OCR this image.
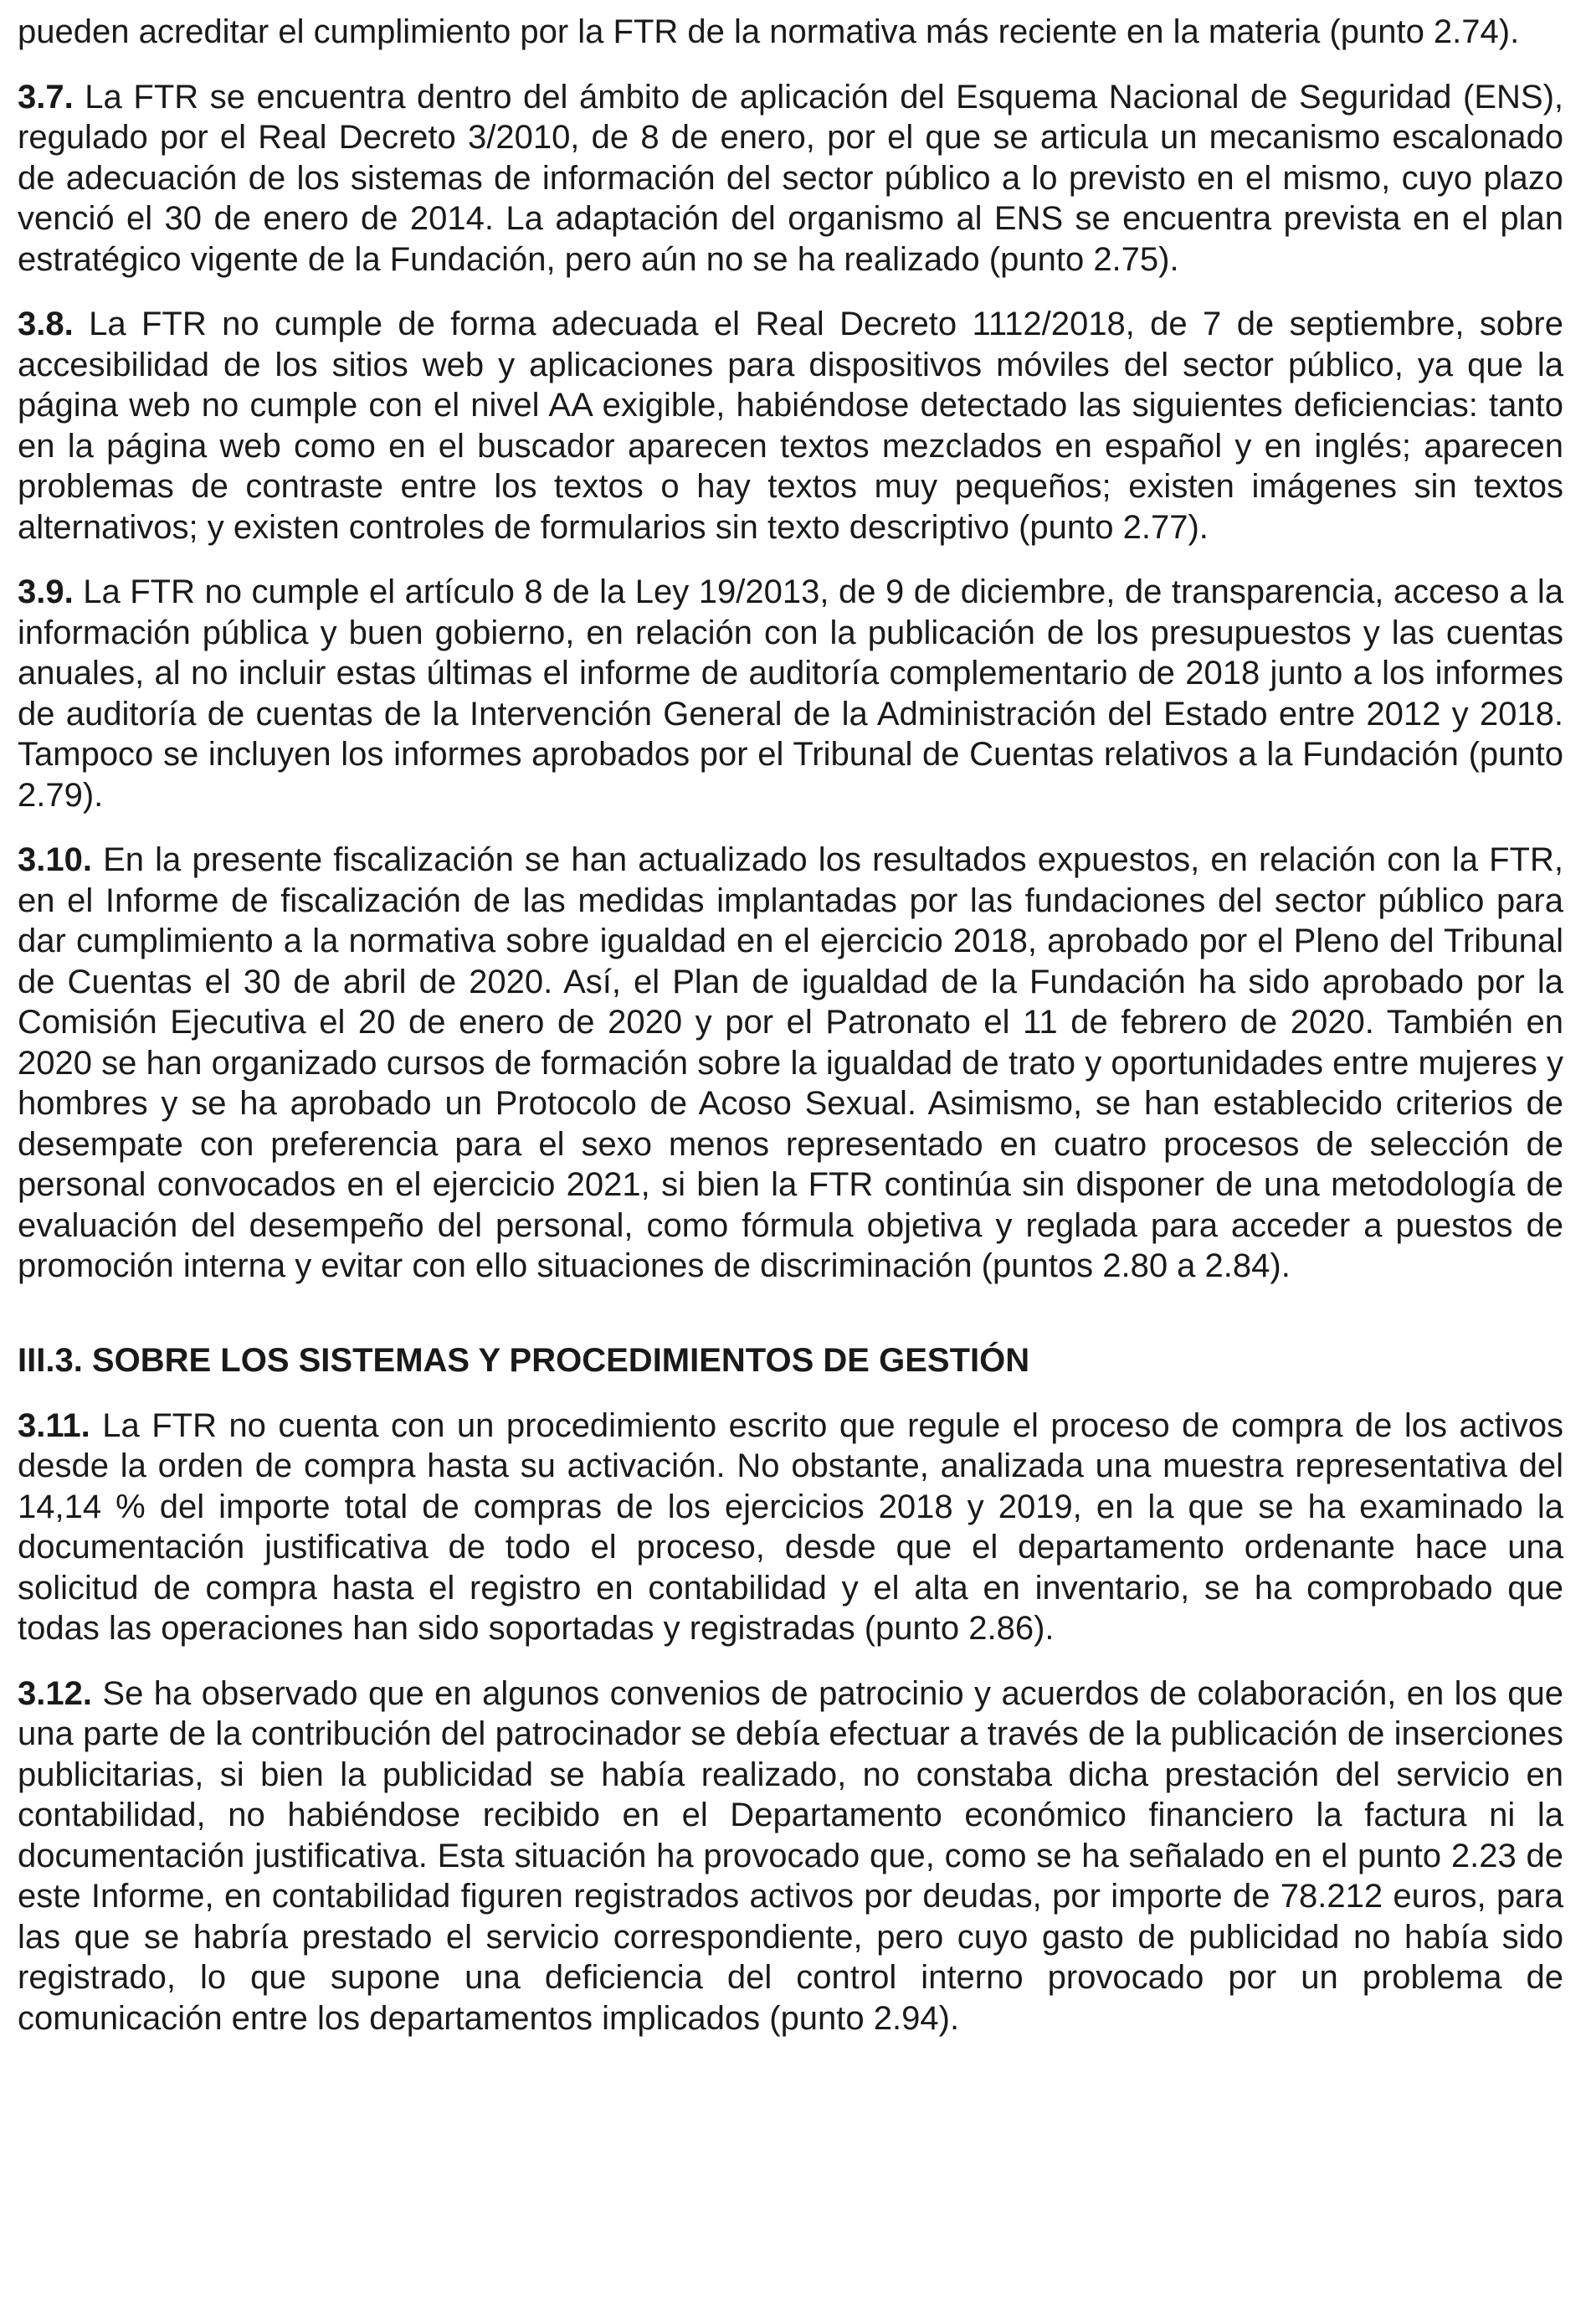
pueden acreditar el cumplimiento por la FTR de la normativa más reciente en la materia (punto 2.74).

3.7. La FTR se encuentra dentro del ámbito de aplicación del Esquema Nacional de Seguridad (ENS), regulado por el Real Decreto 3/2010, de 8 de enero, por el que se articula un mecanismo escalonado de adecuación de los sistemas de información del sector público a lo previsto en el mismo, cuyo plazo venció el 30 de enero de 2014. La adaptación del organismo al ENS se encuentra prevista en el plan estratégico vigente de la Fundación, pero aún no se ha realizado (punto 2.75).

3.8. La FTR no cumple de forma adecuada el Real Decreto 1112/2018, de 7 de septiembre, sobre accesibilidad de los sitios web y aplicaciones para dispositivos móviles del sector público, ya que la página web no cumple con el nivel AA exigible, habiéndose detectado las siguientes deficiencias: tanto en la página web como en el buscador aparecen textos mezclados en español y en inglés; aparecen problemas de contraste entre los textos o hay textos muy pequeños; existen imágenes sin textos alternativos; y existen controles de formularios sin texto descriptivo (punto 2.77).

3.9. La FTR no cumple el artículo 8 de la Ley 19/2013, de 9 de diciembre, de transparencia, acceso a la información pública y buen gobierno, en relación con la publicación de los presupuestos y las cuentas anuales, al no incluir estas últimas el informe de auditoría complementario de 2018 junto a los informes de auditoría de cuentas de la Intervención General de la Administración del Estado entre 2012 y 2018. Tampoco se incluyen los informes aprobados por el Tribunal de Cuentas relativos a la Fundación (punto 2.79).

3.10. En la presente fiscalización se han actualizado los resultados expuestos, en relación con la FTR, en el Informe de fiscalización de las medidas implantadas por las fundaciones del sector público para dar cumplimiento a la normativa sobre igualdad en el ejercicio 2018, aprobado por el Pleno del Tribunal de Cuentas el 30 de abril de 2020. Así, el Plan de igualdad de la Fundación ha sido aprobado por la Comisión Ejecutiva el 20 de enero de 2020 y por el Patronato el 11 de febrero de 2020. También en 2020 se han organizado cursos de formación sobre la igualdad de trato y oportunidades entre mujeres y hombres y se ha aprobado un Protocolo de Acoso Sexual. Asimismo, se han establecido criterios de desempate con preferencia para el sexo menos representado en cuatro procesos de selección de personal convocados en el ejercicio 2021, si bien la FTR continúa sin disponer de una metodología de evaluación del desempeño del personal, como fórmula objetiva y reglada para acceder a puestos de promoción interna y evitar con ello situaciones de discriminación (puntos 2.80 a 2.84).

III.3. SOBRE LOS SISTEMAS Y PROCEDIMIENTOS DE GESTIÓN

3.11. La FTR no cuenta con un procedimiento escrito que regule el proceso de compra de los activos desde la orden de compra hasta su activación. No obstante, analizada una muestra representativa del 14,14 % del importe total de compras de los ejercicios 2018 y 2019, en la que se ha examinado la documentación justificativa de todo el proceso, desde que el departamento ordenante hace una solicitud de compra hasta el registro en contabilidad y el alta en inventario, se ha comprobado que todas las operaciones han sido soportadas y registradas (punto 2.86).

3.12. Se ha observado que en algunos convenios de patrocinio y acuerdos de colaboración, en los que una parte de la contribución del patrocinador se debía efectuar a través de la publicación de inserciones publicitarias, si bien la publicidad se había realizado, no constaba dicha prestación del servicio en contabilidad, no habiéndose recibido en el Departamento económico financiero la factura ni la documentación justificativa. Esta situación ha provocado que, como se ha señalado en el punto 2.23 de este Informe, en contabilidad figuren registrados activos por deudas, por importe de 78.212 euros, para las que se habría prestado el servicio correspondiente, pero cuyo gasto de publicidad no había sido registrado, lo que supone una deficiencia del control interno provocado por un problema de comunicación entre los departamentos implicados (punto 2.94).
